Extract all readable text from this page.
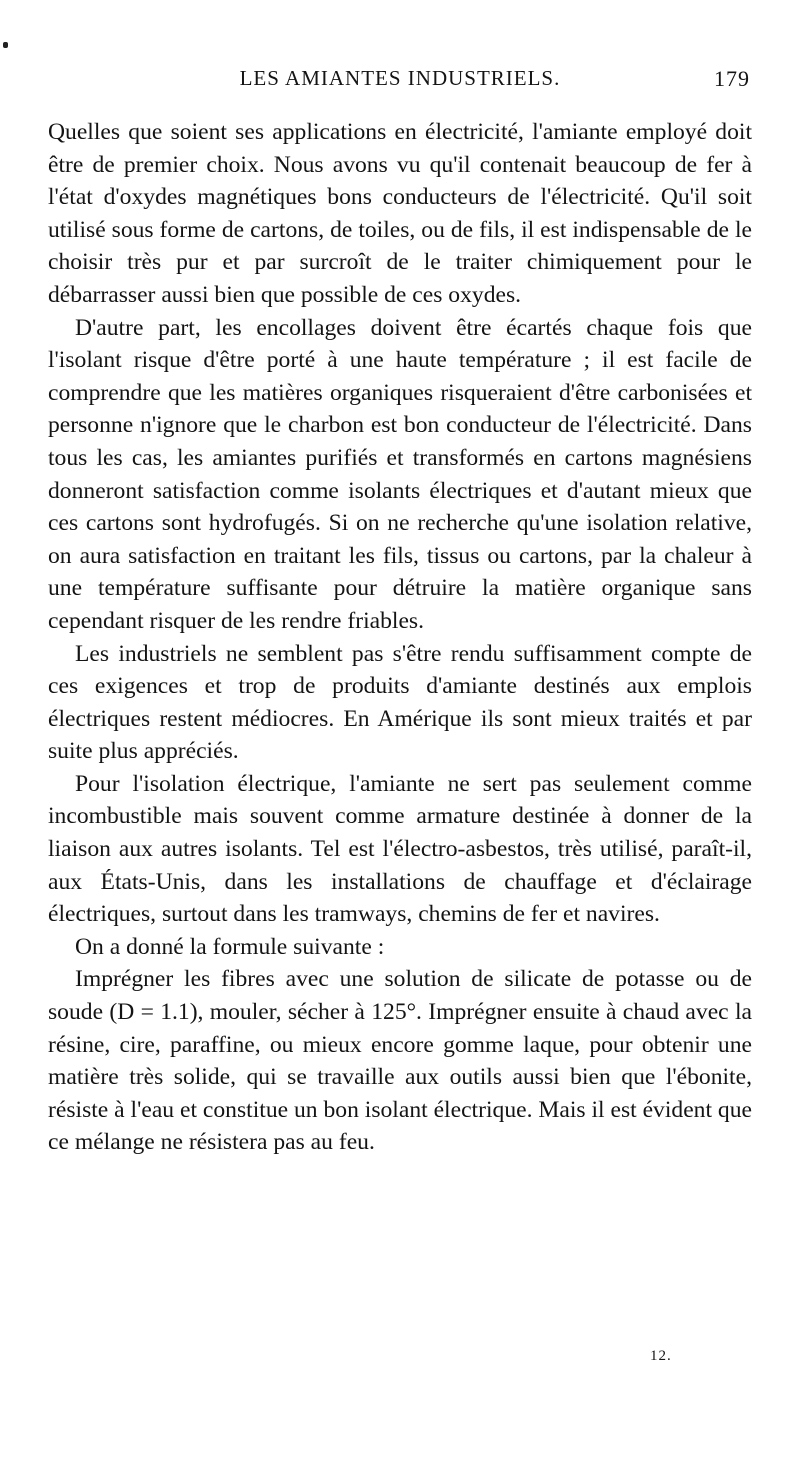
LES AMIANTES INDUSTRIELS.	179

Quelles que soient ses applications en électricité, l'amiante employé doit être de premier choix. Nous avons vu qu'il contenait beaucoup de fer à l'état d'oxydes magnétiques bons conducteurs de l'électricité. Qu'il soit utilisé sous forme de cartons, de toiles, ou de fils, il est indispensable de le choisir très pur et par surcroît de le traiter chimiquement pour le débarrasser aussi bien que possible de ces oxydes.

D'autre part, les encollages doivent être écartés chaque fois que l'isolant risque d'être porté à une haute température ; il est facile de comprendre que les matières organiques risqueraient d'être carbonisées et personne n'ignore que le charbon est bon conducteur de l'électricité. Dans tous les cas, les amiantes purifiés et transformés en cartons magnésiens donneront satisfaction comme isolants électriques et d'autant mieux que ces cartons sont hydrofugés. Si on ne recherche qu'une isolation relative, on aura satisfaction en traitant les fils, tissus ou cartons, par la chaleur à une température suffisante pour détruire la matière organique sans cependant risquer de les rendre friables.

Les industriels ne semblent pas s'être rendu suffisamment compte de ces exigences et trop de produits d'amiante destinés aux emplois électriques restent médiocres. En Amérique ils sont mieux traités et par suite plus appréciés.

Pour l'isolation électrique, l'amiante ne sert pas seulement comme incombustible mais souvent comme armature destinée à donner de la liaison aux autres isolants. Tel est l'électro-asbestos, très utilisé, paraît-il, aux États-Unis, dans les installations de chauffage et d'éclairage électriques, surtout dans les tramways, chemins de fer et navires.

On a donné la formule suivante :

Imprégner les fibres avec une solution de silicate de potasse ou de soude (D = 1.1), mouler, sécher à 125°. Imprégner ensuite à chaud avec la résine, cire, paraffine, ou mieux encore gomme laque, pour obtenir une matière très solide, qui se travaille aux outils aussi bien que l'ébonite, résiste à l'eau et constitue un bon isolant électrique. Mais il est évident que ce mélange ne résistera pas au feu.

12.
